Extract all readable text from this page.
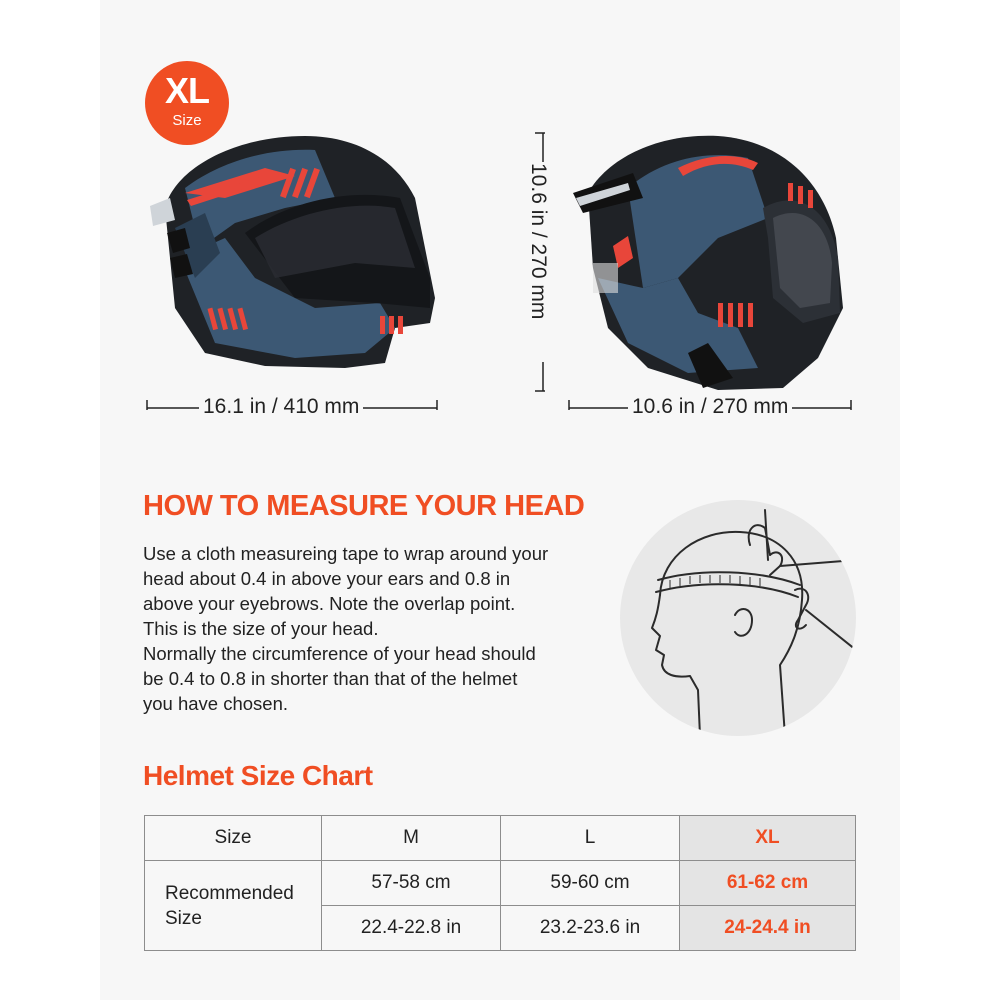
XL
Size
16.1 in / 410 mm
10.6 in / 270 mm
10.6 in / 270 mm
HOW TO MEASURE YOUR HEAD
Use a cloth measureing tape to wrap around your
head about 0.4 in above your ears and 0.8 in
above your eyebrows. Note the overlap point.
This is the size of your head.
Normally the circumference of your head should
be 0.4 to 0.8 in shorter than that of the helmet
you have chosen.
Helmet Size Chart
Size	M	L	XL

Recommended
Size	57-58 cm	59-60 cm	61-62 cm
	22.4-22.8 in	23.2-23.6 in	24-24.4 in
